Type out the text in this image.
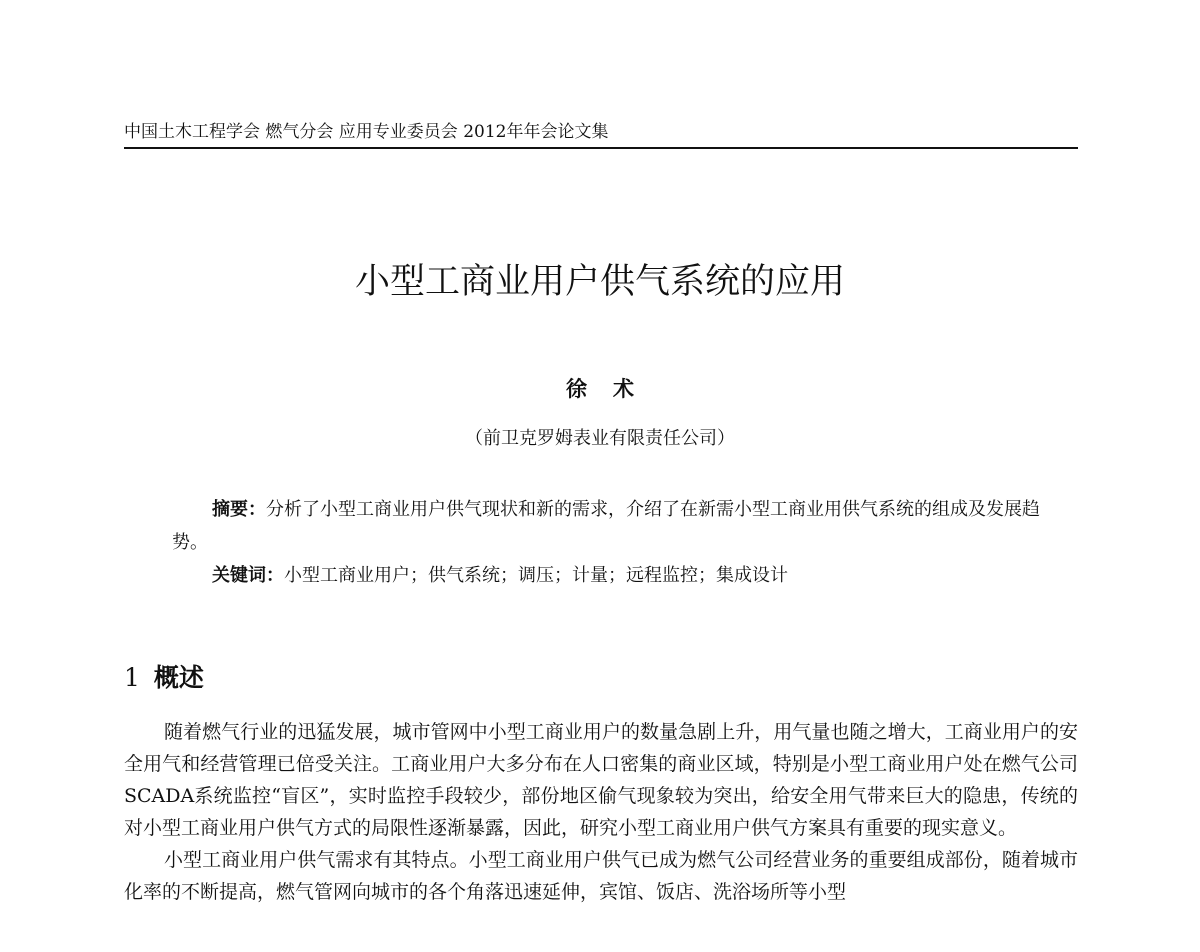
中国土木工程学会 燃气分会 应用专业委员会 2012年年会论文集
小型工商业用户供气系统的应用
徐术
（前卫克罗姆表业有限责任公司）

摘要：分析了小型工商业用户供气现状和新的需求，介绍了在新需小型工商业用供气系统的组成及发展趋势。

关键词：小型工商业用户；供气系统；调压；计量；远程监控；集成设计
1 概述

随着燃气行业的迅猛发展，城市管网中小型工商业用户的数量急剧上升，用气量也随之增大，工商业用户的安全用气和经营管理已倍受关注。工商业用户大多分布在人口密集的商业区域，特别是小型工商业用户处在燃气公司SCADA系统监控“盲区”，实时监控手段较少，部份地区偷气现象较为突出，给安全用气带来巨大的隐患，传统的对小型工商业用户供气方式的局限性逐渐暴露，因此，研究小型工商业用户供气方案具有重要的现实意义。

小型工商业用户供气需求有其特点。小型工商业用户供气已成为燃气公司经营业务的重要组成部份，随着城市化率的不断提高，燃气管网向城市的各个角落迅速延伸，宾馆、饭店、洗浴场所等小型
